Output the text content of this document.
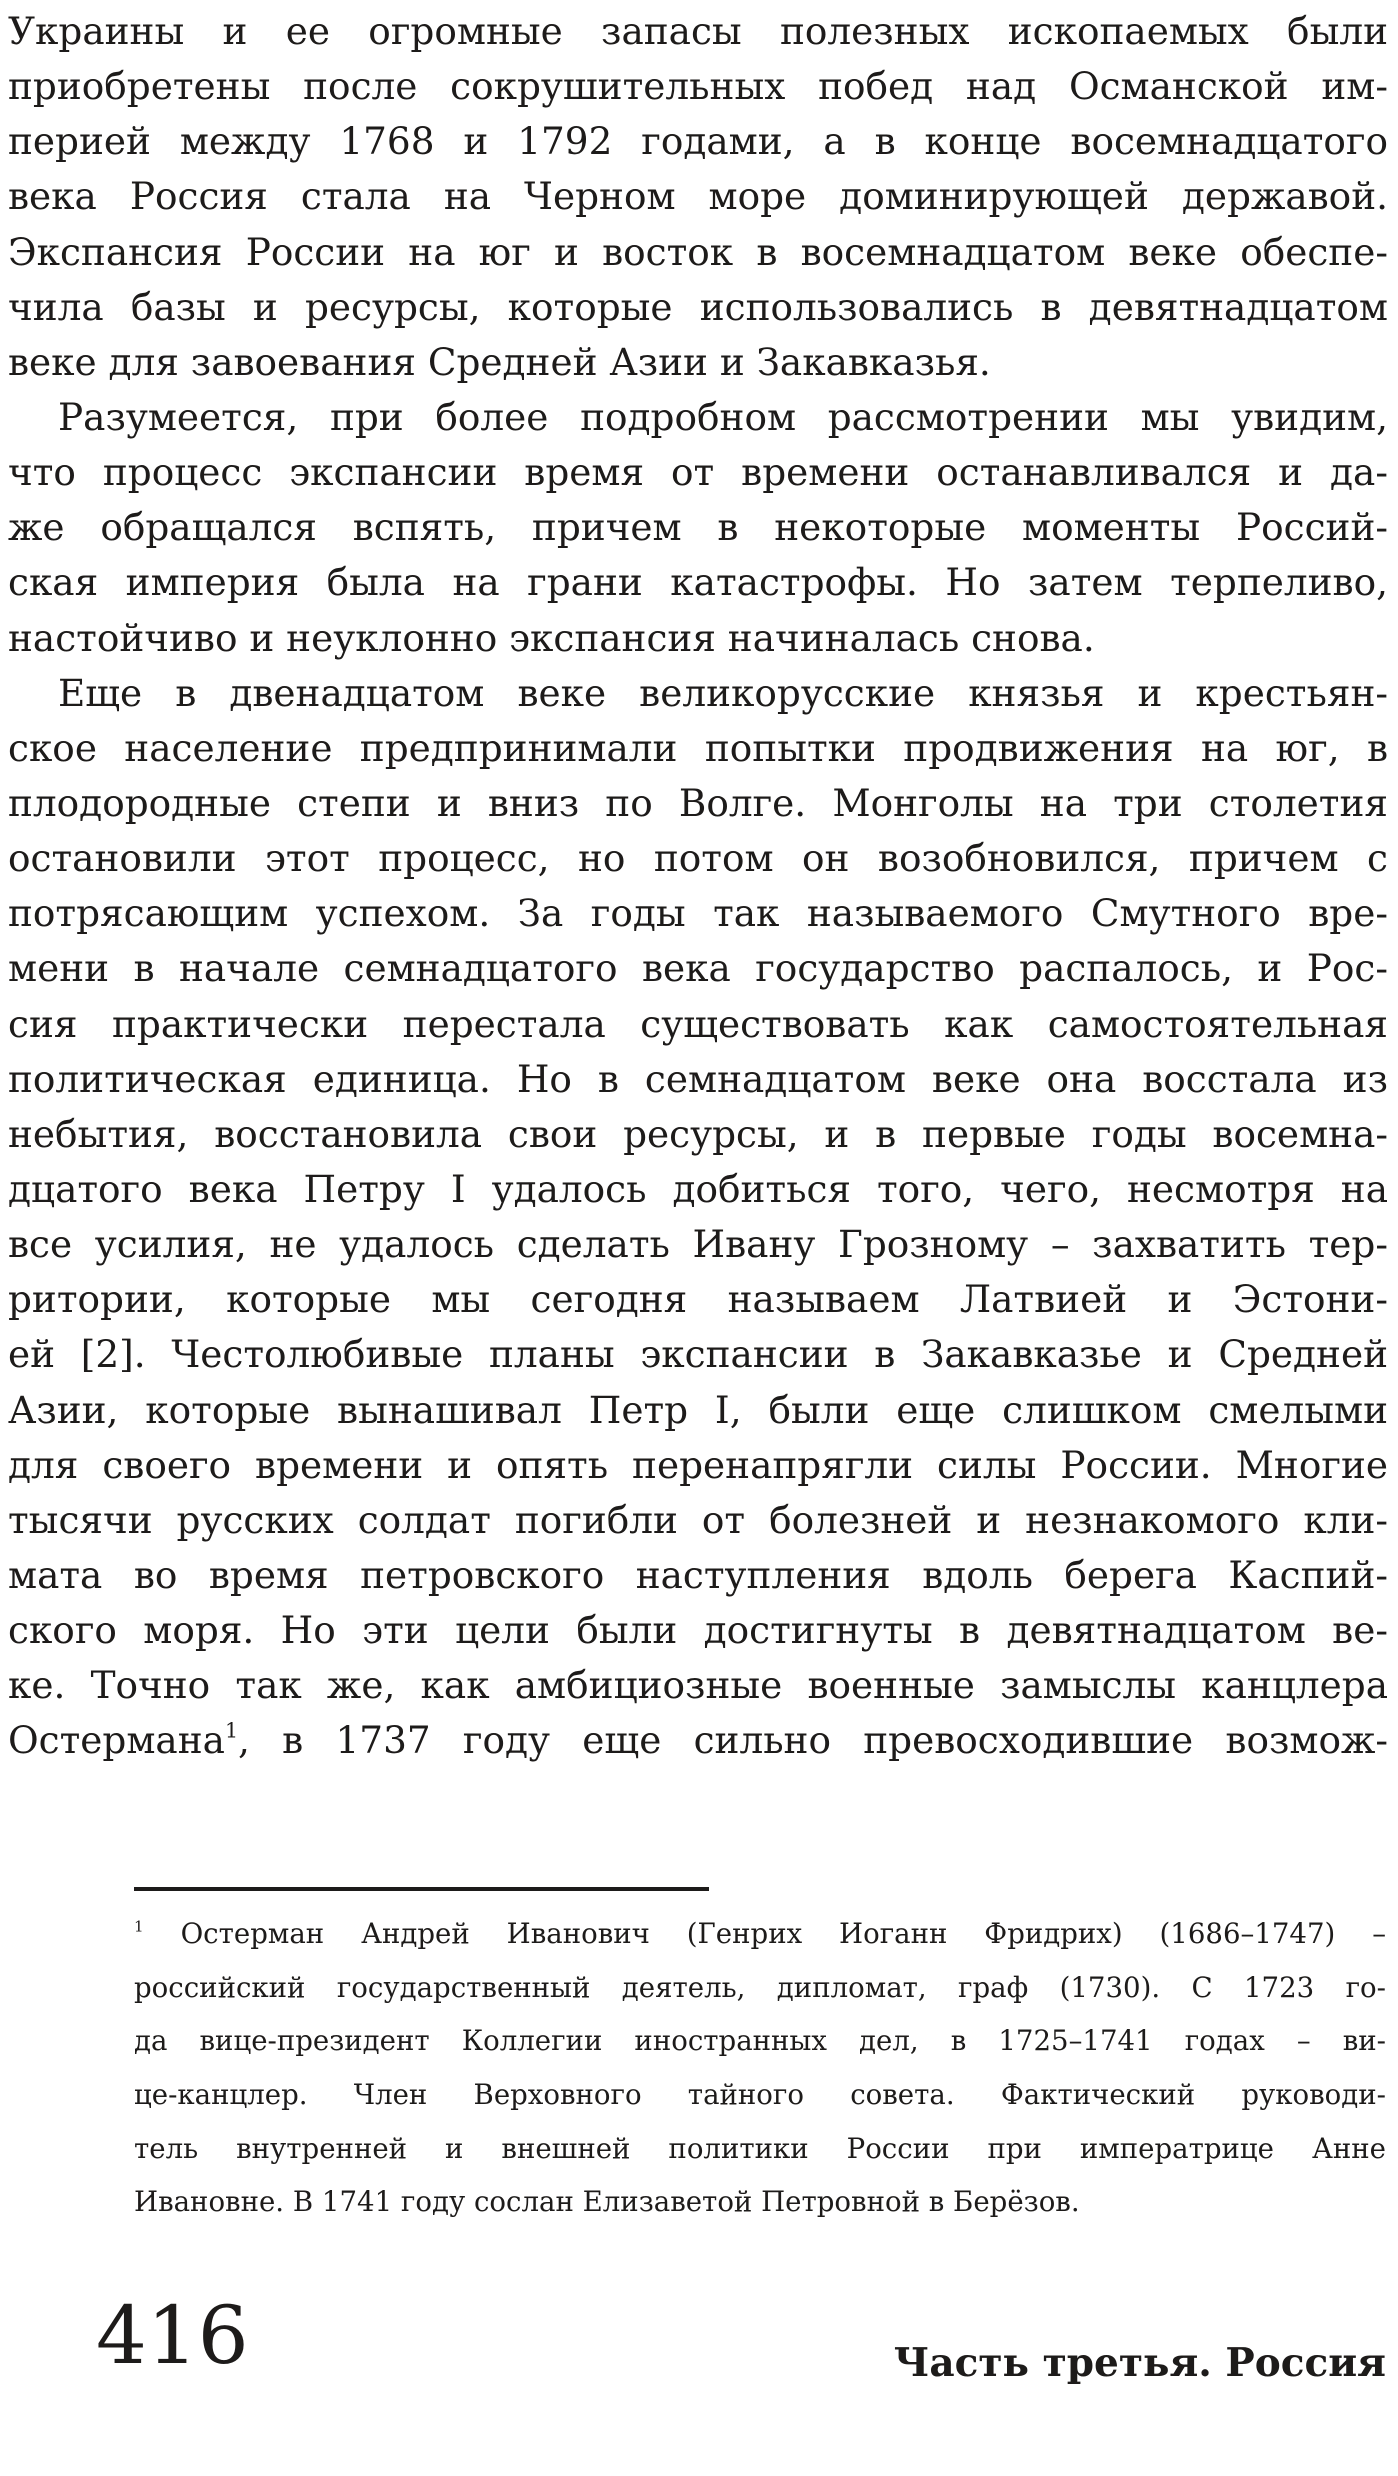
Украины и ее огромные запасы полезных ископаемых были
приобретены после сокрушительных побед над Османской им-
перией между 1768 и 1792 годами, а в конце восемнадцатого
века Россия стала на Черном море доминирующей державой.
Экспансия России на юг и восток в восемнадцатом веке обеспе-
чила базы и ресурсы, которые использовались в девятнадцатом
веке для завоевания Средней Азии и Закавказья.
Разумеется, при более подробном рассмотрении мы увидим,
что процесс экспансии время от времени останавливался и да-
же обращался вспять, причем в некоторые моменты Россий-
ская империя была на грани катастрофы. Но затем терпеливо,
настойчиво и неуклонно экспансия начиналась снова.
Еще в двенадцатом веке великорусские князья и крестьян-
ское население предпринимали попытки продвижения на юг, в
плодородные степи и вниз по Волге. Монголы на три столетия
остановили этот процесс, но потом он возобновился, причем с
потрясающим успехом. За годы так называемого Смутного вре-
мени в начале семнадцатого века государство распалось, и Рос-
сия практически перестала существовать как самостоятельная
политическая единица. Но в семнадцатом веке она восстала из
небытия, восстановила свои ресурсы, и в первые годы восемна-
дцатого века Петру I удалось добиться того, чего, несмотря на
все усилия, не удалось сделать Ивану Грозному – захватить тер-
ритории, которые мы сегодня называем Латвией и Эстони-
ей [2]. Честолюбивые планы экспансии в Закавказье и Средней
Азии, которые вынашивал Петр I, были еще слишком смелыми
для своего времени и опять перенапрягли силы России. Многие
тысячи русских солдат погибли от болезней и незнакомого кли-
мата во время петровского наступления вдоль берега Каспий-
ского моря. Но эти цели были достигнуты в девятнадцатом ве-
ке. Точно так же, как амбициозные военные замыслы канцлера
Остермана$^1$, в 1737 году еще сильно превосходившие возмож-
$^1$ Остерман Андрей Иванович (Генрих Иоганн Фридрих) (1686–1747) –
российский государственный деятель, дипломат, граф (1730). С 1723 го-
да вице-президент Коллегии иностранных дел, в 1725–1741 годах – ви-
це-канцлер. Член Верховного тайного совета. Фактический руководи-
тель внутренней и внешней политики России при императрице Анне
Ивановне. В 1741 году сослан Елизаветой Петровной в Берёзов.
416	Часть третья. Россия
